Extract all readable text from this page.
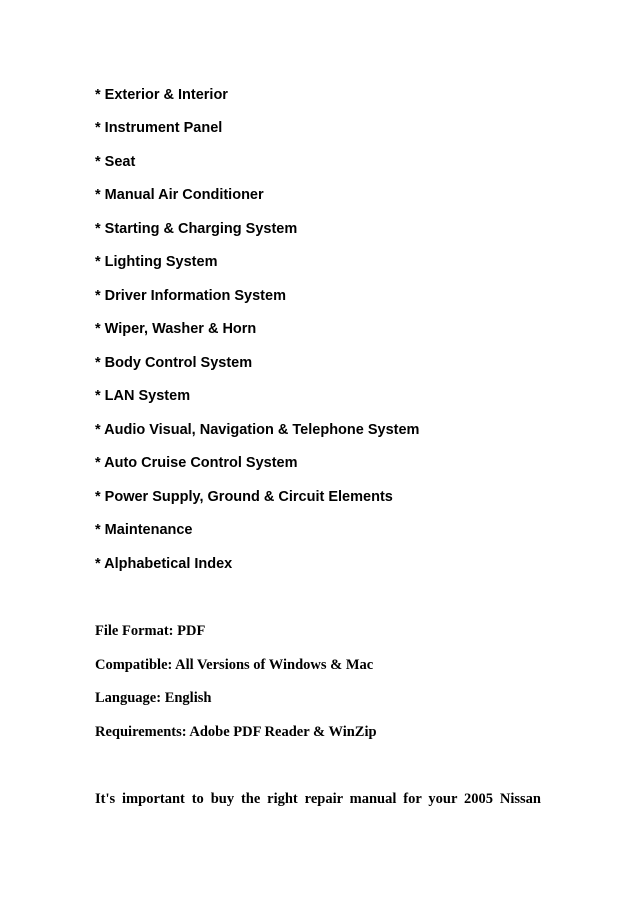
* Exterior & Interior
* Instrument Panel
* Seat
* Manual Air Conditioner
* Starting & Charging System
* Lighting System
* Driver Information System
* Wiper, Washer & Horn
* Body Control System
* LAN System
* Audio Visual, Navigation & Telephone System
* Auto Cruise Control System
* Power Supply, Ground & Circuit Elements
* Maintenance
* Alphabetical Index
File Format: PDF
Compatible: All Versions of Windows & Mac
Language: English
Requirements: Adobe PDF Reader & WinZip
It's important to buy the right repair manual for your 2005 Nissan
